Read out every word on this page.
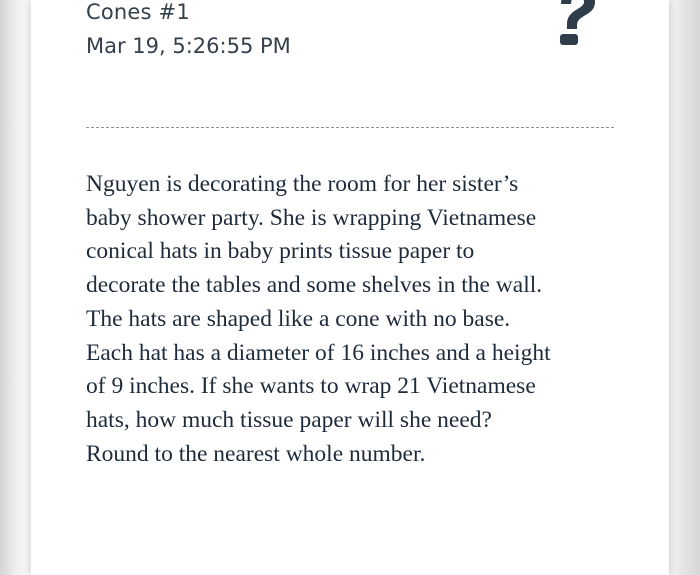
Cones #1
Mar 19, 5:26:55 PM
Nguyen is decorating the room for her sister’s
baby shower party. She is wrapping Vietnamese
conical hats in baby prints tissue paper to
decorate the tables and some shelves in the wall.
The hats are shaped like a cone with no base.
Each hat has a diameter of 16 inches and a height
of 9 inches. If she wants to wrap 21 Vietnamese
hats, how much tissue paper will she need?
Round to the nearest whole number.
